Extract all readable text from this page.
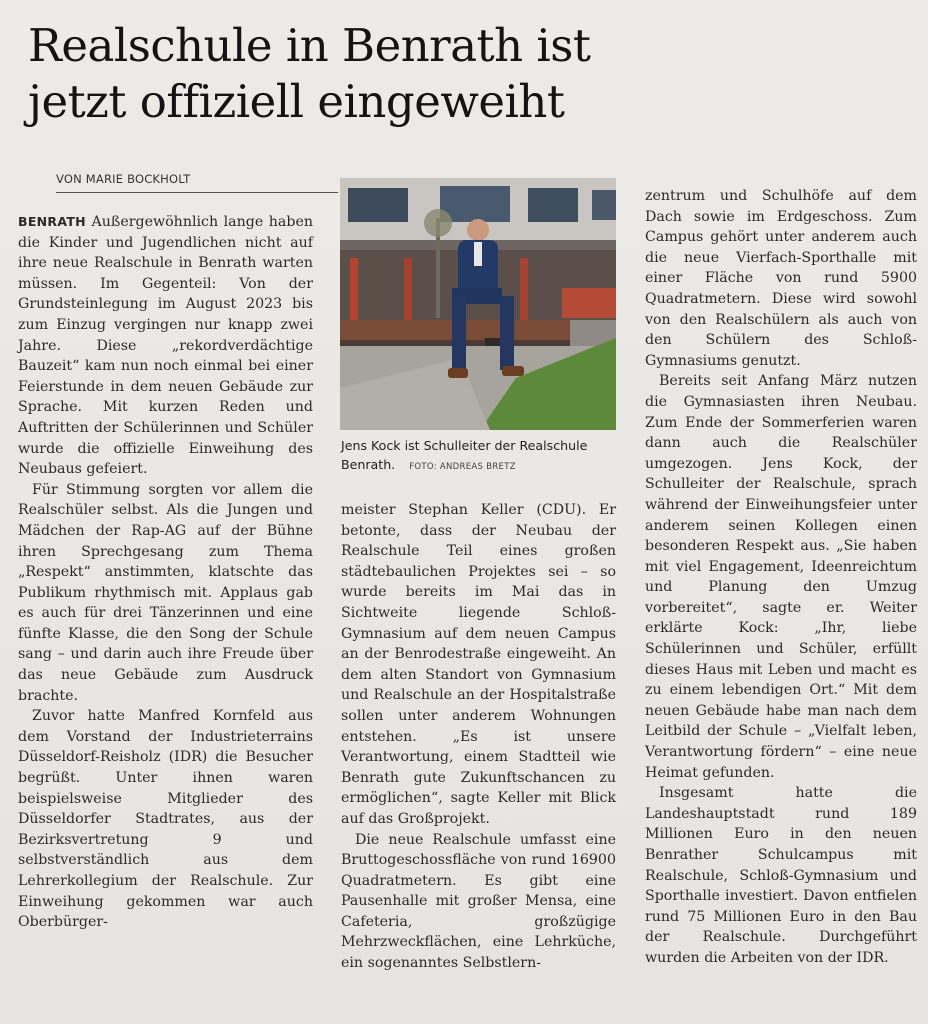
Realschule in Benrath ist jetzt offiziell eingeweiht
VON MARIE BOCKHOLT

BENRATH Außergewöhnlich lange haben die Kinder und Jugendlichen nicht auf ihre neue Realschule in Benrath warten müssen. Im Gegenteil: Von der Grundsteinlegung im August 2023 bis zum Einzug vergingen nur knapp zwei Jahre. Diese „rekordverdächtige Bauzeit“ kam nun noch einmal bei einer Feierstunde in dem neuen Gebäude zur Sprache. Mit kurzen Reden und Auftritten der Schülerinnen und Schüler wurde die offizielle Einweihung des Neubaus gefeiert.

Für Stimmung sorgten vor allem die Realschüler selbst. Als die Jungen und Mädchen der Rap-AG auf der Bühne ihren Sprechgesang zum Thema „Respekt“ anstimmten, klatschte das Publikum rhythmisch mit. Applaus gab es auch für drei Tänzerinnen und eine fünfte Klasse, die den Song der Schule sang – und darin auch ihre Freude über das neue Gebäude zum Ausdruck brachte.

Zuvor hatte Manfred Kornfeld aus dem Vorstand der Industrieterrains Düsseldorf-Reisholz (IDR) die Besucher begrüßt. Unter ihnen waren beispielsweise Mitglieder des Düsseldorfer Stadtrates, aus der Bezirksvertretung 9 und selbstverständlich aus dem Lehrerkollegium der Realschule. Zur Einweihung gekommen war auch Oberbürger-

Jens Kock ist Schulleiter der Realschule Benrath. FOTO: ANDREAS BRETZ

meister Stephan Keller (CDU). Er betonte, dass der Neubau der Realschule Teil eines großen städtebaulichen Projektes sei – so wurde bereits im Mai das in Sichtweite liegende Schloß-Gymnasium auf dem neuen Campus an der Benrodestraße eingeweiht. An dem alten Standort von Gymnasium und Realschule an der Hospitalstraße sollen unter anderem Wohnungen entstehen. „Es ist unsere Verantwortung, einem Stadtteil wie Benrath gute Zukunftschancen zu ermöglichen“, sagte Keller mit Blick auf das Großprojekt.

Die neue Realschule umfasst eine Bruttogeschossfläche von rund 16900 Quadratmetern. Es gibt eine Pausenhalle mit großer Mensa, eine Cafeteria, großzügige Mehrzweckflächen, eine Lehrküche, ein sogenanntes Selbstlern-

zentrum und Schulhöfe auf dem Dach sowie im Erdgeschoss. Zum Campus gehört unter anderem auch die neue Vierfach-Sporthalle mit einer Fläche von rund 5900 Quadratmetern. Diese wird sowohl von den Realschülern als auch von den Schülern des Schloß-Gymnasiums genutzt.

Bereits seit Anfang März nutzen die Gymnasiasten ihren Neubau. Zum Ende der Sommerferien waren dann auch die Realschüler umgezogen. Jens Kock, der Schulleiter der Realschule, sprach während der Einweihungsfeier unter anderem seinen Kollegen einen besonderen Respekt aus. „Sie haben mit viel Engagement, Ideenreichtum und Planung den Umzug vorbereitet“, sagte er. Weiter erklärte Kock: „Ihr, liebe Schülerinnen und Schüler, erfüllt dieses Haus mit Leben und macht es zu einem lebendigen Ort.“ Mit dem neuen Gebäude habe man nach dem Leitbild der Schule – „Vielfalt leben, Verantwortung fördern“ – eine neue Heimat gefunden.

Insgesamt hatte die Landeshauptstadt rund 189 Millionen Euro in den neuen Benrather Schulcampus mit Realschule, Schloß-Gymnasium und Sporthalle investiert. Davon entfielen rund 75 Millionen Euro in den Bau der Realschule. Durchgeführt wurden die Arbeiten von der IDR.
